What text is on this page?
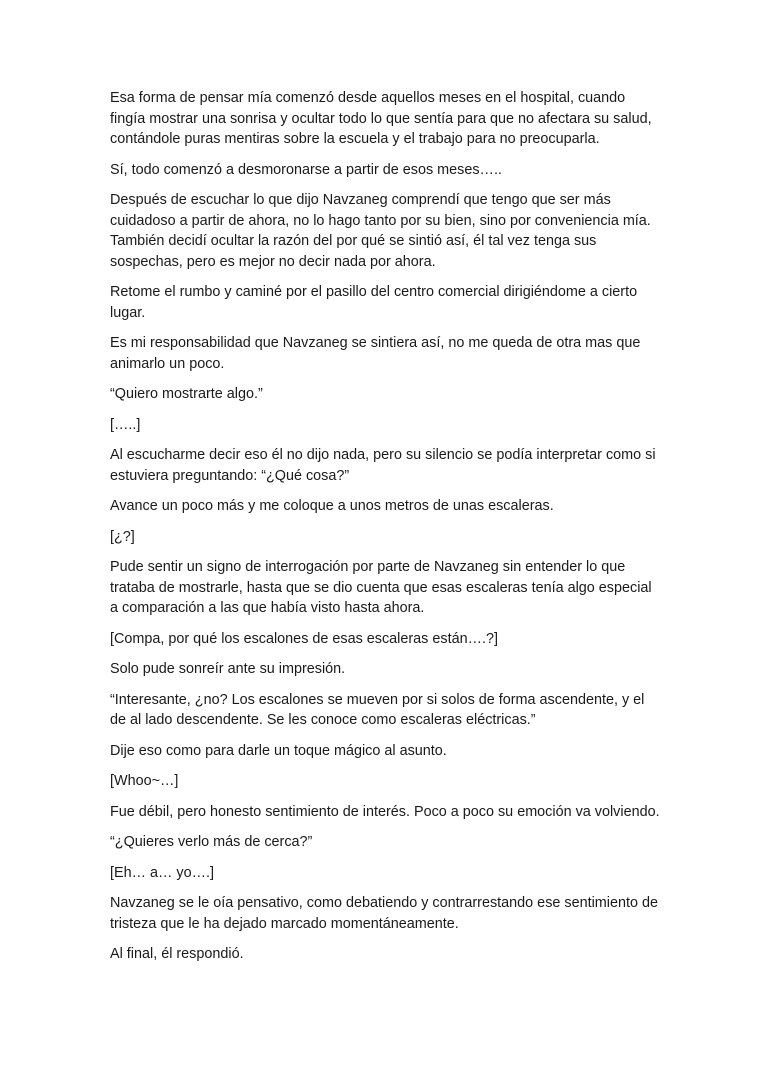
Esa forma de pensar mía comenzó desde aquellos meses en el hospital, cuando fingía mostrar una sonrisa y ocultar todo lo que sentía para que no afectara su salud, contándole puras mentiras sobre la escuela y el trabajo para no preocuparla.

Sí, todo comenzó a desmoronarse a partir de esos meses…..

Después de escuchar lo que dijo Navzaneg comprendí que tengo que ser más cuidadoso a partir de ahora, no lo hago tanto por su bien, sino por conveniencia mía. También decidí ocultar la razón del por qué se sintió así, él tal vez tenga sus sospechas, pero es mejor no decir nada por ahora.

Retome el rumbo y caminé por el pasillo del centro comercial dirigiéndome a cierto lugar.

Es mi responsabilidad que Navzaneg se sintiera así, no me queda de otra mas que animarlo un poco.

“Quiero mostrarte algo.”

[…..]

Al escucharme decir eso él no dijo nada, pero su silencio se podía interpretar como si estuviera preguntando: “¿Qué cosa?”

Avance un poco más y me coloque a unos metros de unas escaleras.

[¿?]

Pude sentir un signo de interrogación por parte de Navzaneg sin entender lo que trataba de mostrarle, hasta que se dio cuenta que esas escaleras tenía algo especial a comparación a las que había visto hasta ahora.

[Compa, por qué los escalones de esas escaleras están….?]

Solo pude sonreír ante su impresión.

“Interesante, ¿no? Los escalones se mueven por si solos de forma ascendente, y el de al lado descendente. Se les conoce como escaleras eléctricas.”

Dije eso como para darle un toque mágico al asunto.

[Whoo~…]

Fue débil, pero honesto sentimiento de interés. Poco a poco su emoción va volviendo.

“¿Quieres verlo más de cerca?”

[Eh… a… yo….]

Navzaneg se le oía pensativo, como debatiendo y contrarrestando ese sentimiento de tristeza que le ha dejado marcado momentáneamente.

Al final, él respondió.
